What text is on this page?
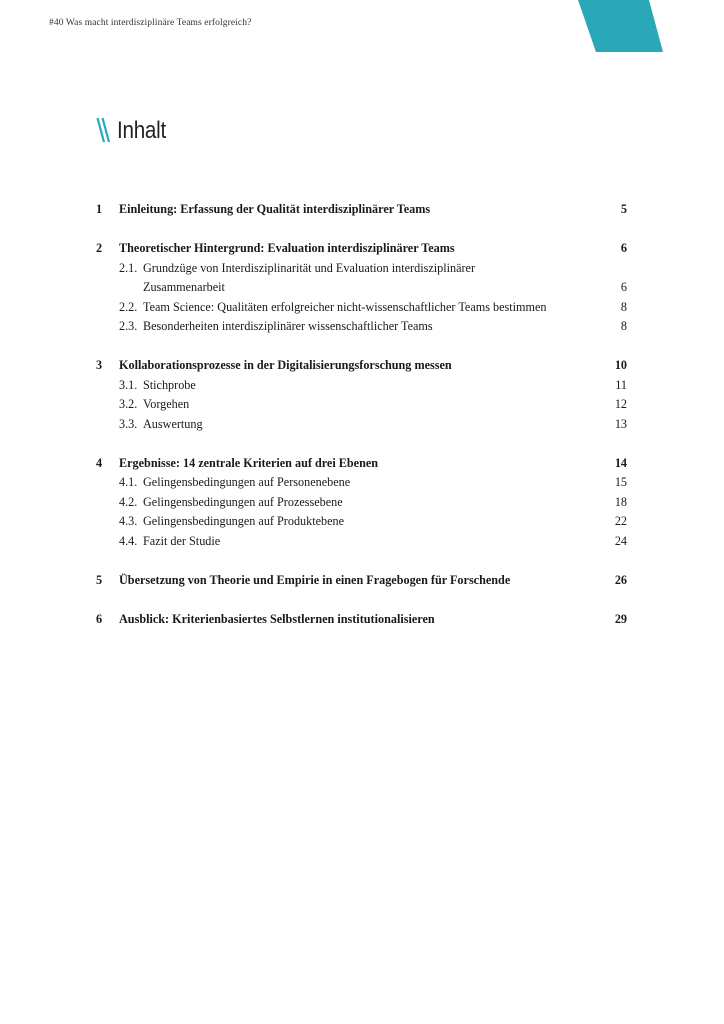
#40 Was macht interdisziplinäre Teams erfolgreich?
Inhalt
1	Einleitung: Erfassung der Qualität interdisziplinärer Teams	5
2	Theoretischer Hintergrund: Evaluation interdisziplinärer Teams	6
2.1. Grundzüge von Interdisziplinarität und Evaluation interdisziplinärer
Zusammenarbeit	6
2.2. Team Science: Qualitäten erfolgreicher nicht-wissenschaftlicher Teams bestimmen	8
2.3. Besonderheiten interdisziplinärer wissenschaftlicher Teams	8
3	Kollaborationsprozesse in der Digitalisierungsforschung messen	10
3.1. Stichprobe	11
3.2. Vorgehen	12
3.3. Auswertung	13
4	Ergebnisse: 14 zentrale Kriterien auf drei Ebenen	14
4.1. Gelingensbedingungen auf Personenebene	15
4.2. Gelingensbedingungen auf Prozessebene	18
4.3. Gelingensbedingungen auf Produktebene	22
4.4. Fazit der Studie	24
5	Übersetzung von Theorie und Empirie in einen Fragebogen für Forschende	26
6	Ausblick: Kriterienbasiertes Selbstlernen institutionalisieren	29
